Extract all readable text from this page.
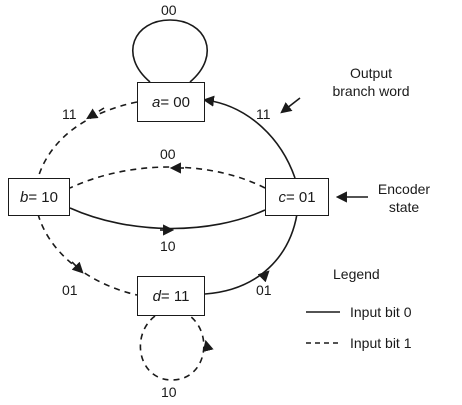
a = 00
b = 10	c = 01
d = 11
00
11	11
00
10
01	01
10
Output
branch word
Encoder
state
Legend
Input bit 0
Input bit 1
